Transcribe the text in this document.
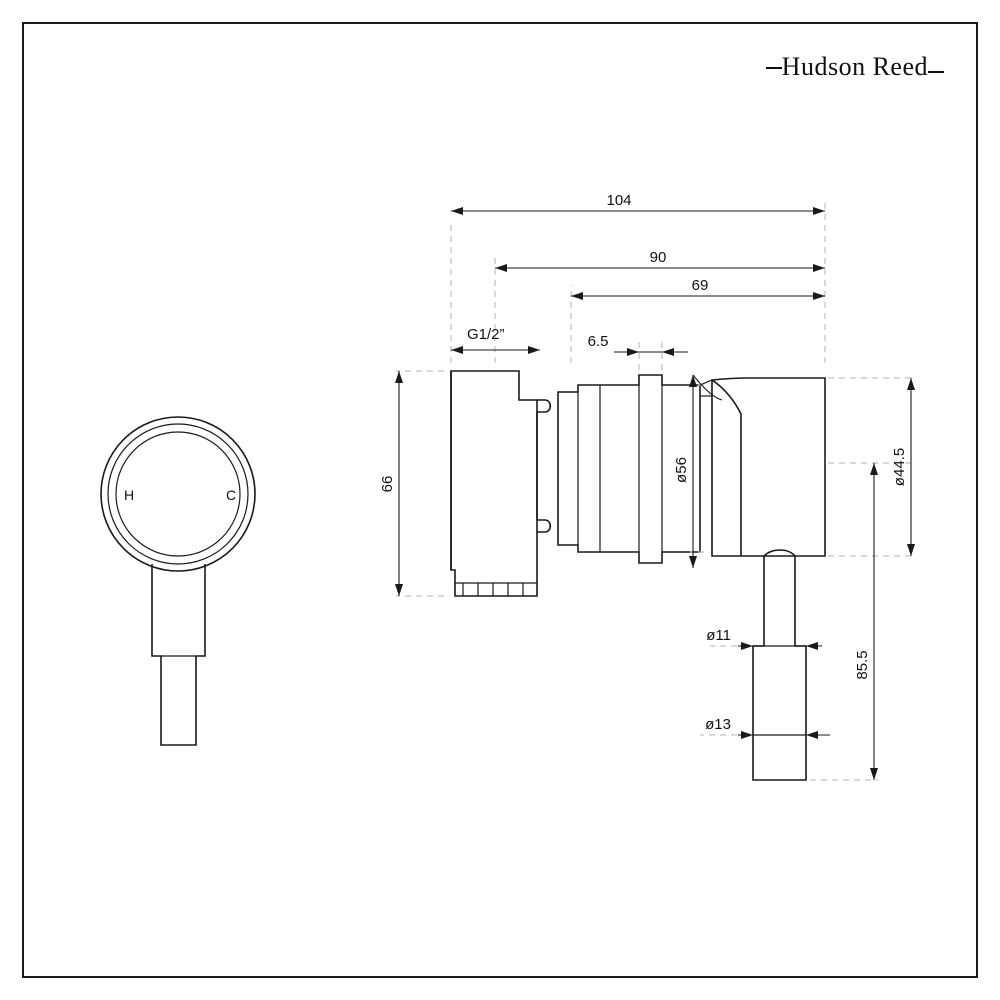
Hudson Reed
H	C
104
90
69
G1/2”	6.5
66
ø56	ø44.5
85.5
ø11
ø13
